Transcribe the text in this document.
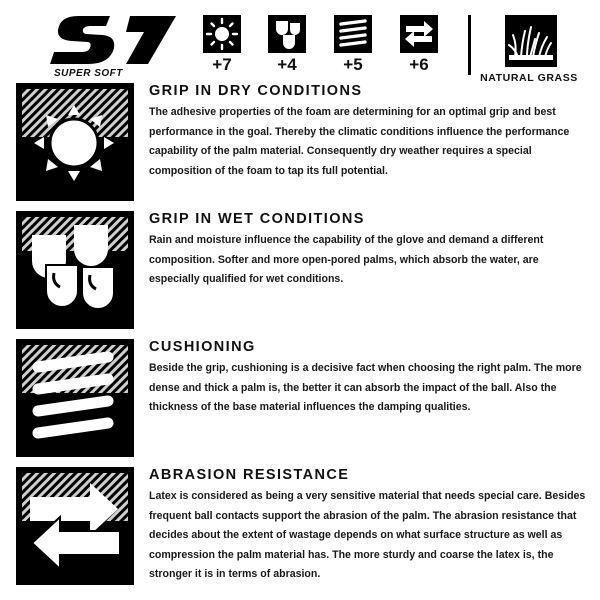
SUPER SOFT	+7	+4	+5	+6
NATURAL GRASS
GRIP IN DRY CONDITIONS
The adhesive properties of the foam are determining for an optimal grip and best performance in the goal. Thereby the climatic conditions influence the performance capability of the palm material. Consequently dry weather requires a special composition of the foam to tap its full potential.
GRIP IN WET CONDITIONS
Rain and moisture influence the capability of the glove and demand a different composition. Softer and more open-pored palms, which absorb the water, are especially qualified for wet conditions.
CUSHIONING
Beside the grip, cushioning is a decisive fact when choosing the right palm. The more dense and thick a palm is, the better it can absorb the impact of the ball. Also the thickness of the base material influences the damping qualities.
ABRASION RESISTANCE
Latex is considered as being a very sensitive material that needs special care. Besides frequent ball contacts support the abrasion of the palm. The abrasion resistance that decides about the extent of wastage depends on what surface structure as well as compression the palm material has. The more sturdy and coarse the latex is, the stronger it is in terms of abrasion.
